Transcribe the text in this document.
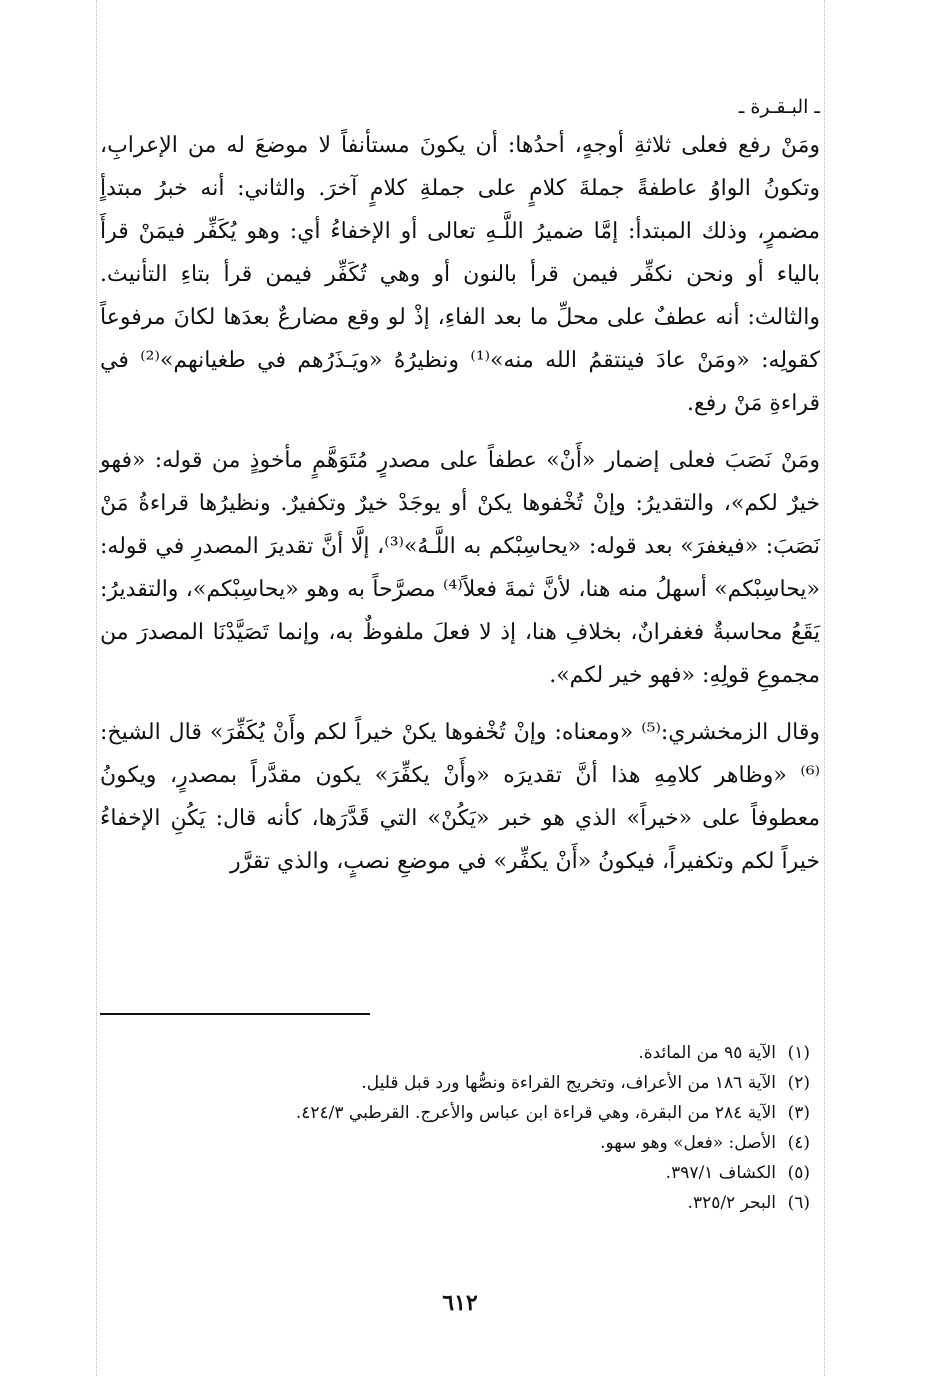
ـ البـقـرة ـ

ومَنْ رفع فعلى ثلاثةِ أوجهٍ، أحدُها: أن يكونَ مستأنفاً لا موضعَ له من الإعرابِ، وتكونُ الواوُ عاطفةً جملةَ كلامٍ على جملةِ كلامٍ آخرَ. والثاني: أنه خبرُ مبتدأٍ مضمرٍ، وذلك المبتدأ: إمَّا ضميرُ اللَّـهِ تعالى أو الإخفاءُ أي: وهو يُكَفِّر فيمَنْ قرأَ بالياء أو ونحن نكفِّر فيمن قرأ بالنون أو وهي تُكَفِّر فيمن قرأ بتاءِ التأنيث. والثالث: أنه عطفٌ على محلِّ ما بعد الفاءِ، إذْ لو وقع مضارعٌ بعدَها لكانَ مرفوعاً كقولِه: «ومَنْ عادَ فينتقمُ الله منه»⁽¹⁾ ونظيرُهُ «ويَـذَرُهم في طغيانهم»⁽²⁾ في قراءةِ مَنْ رفع.

ومَنْ نَصَبَ فعلى إضمار «أَنْ» عطفاً على مصدرٍ مُتَوَهَّمٍ مأخوذٍ من قوله: «فهو خيرٌ لكم»، والتقديرُ: وإنْ تُخْفوها يكنْ أو يوجَدْ خيرٌ وتكفيرٌ. ونظيرُها قراءةُ مَنْ نَصَبَ: «فيغفرَ» بعد قوله: «يحاسِبْكم به اللَّـهُ»⁽³⁾، إلَّا أنَّ تقديرَ المصدرِ في قوله: «يحاسِبْكم» أسهلُ منه هنا، لأنَّ ثمةَ فعلاً⁽⁴⁾ مصرَّحاً به وهو «يحاسِبْكم»، والتقديرُ: يَقَعُ محاسبةٌ فغفرانٌ، بخلافِ هنا، إذ لا فعلَ ملفوظٌ به، وإنما تَصَيَّدْنَا المصدرَ من مجموعِ قولِهِ: «فهو خير لكم».

وقال الزمخشري:⁽⁵⁾ «ومعناه: وإنْ تُخْفوها يكنْ خيراً لكم وأَنْ يُكَفِّرَ» قال الشيخ:⁽⁶⁾ «وظاهر كلامِهِ هذا أنَّ تقديرَه «وأَنْ يكفِّرَ» يكون مقدَّراً بمصدرٍ، ويكونُ معطوفاً على «خيراً» الذي هو خبر «يَكُنْ» التي قَدَّرَها، كأنه قال: يَكُنِ الإخفاءُ خيراً لكم وتكفيراً، فيكونُ «أَنْ يكفِّر» في موضعِ نصبٍ، والذي تقرَّر

(١)الآية ٩٥ من المائدة.

(٢)الآية ١٨٦ من الأعراف، وتخريج القراءة ونصُّها ورد قبل قليل.

(٣)الآية ٢٨٤ من البقرة، وهي قراءة ابن عباس والأعرج. القرطبي ٤٢٤/٣.

(٤)الأصل: «فعل» وهو سهو.

(٥)الكشاف ٣٩٧/١.

(٦)البحر ٣٢٥/٢.

٦١٢
